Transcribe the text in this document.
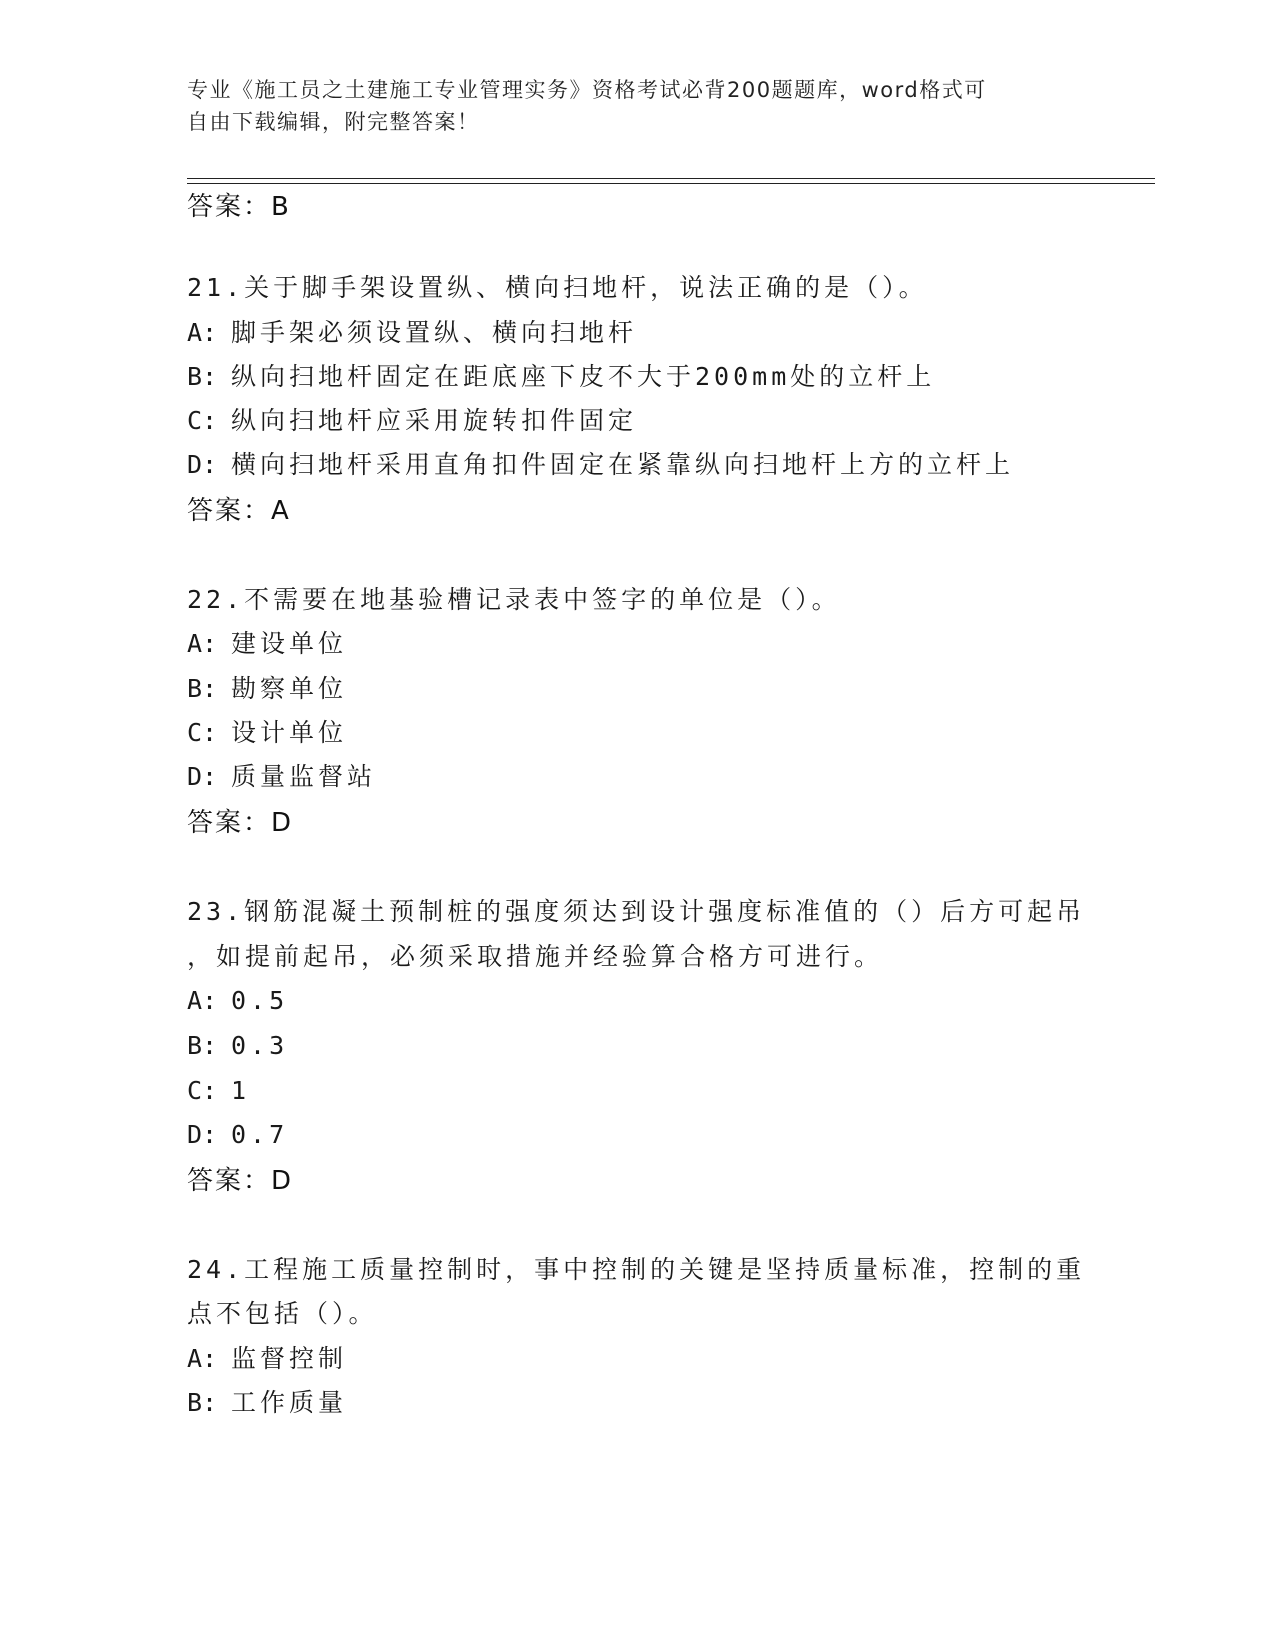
专业《施工员之土建施工专业管理实务》资格考试必背200题题库，word格式可
自由下载编辑，附完整答案！
答案：B
21.关于脚手架设置纵、横向扫地杆，说法正确的是（）。
A: 脚手架必须设置纵、横向扫地杆
B: 纵向扫地杆固定在距底座下皮不大于200mm处的立杆上
C: 纵向扫地杆应采用旋转扣件固定
D: 横向扫地杆采用直角扣件固定在紧靠纵向扫地杆上方的立杆上
答案：A
22.不需要在地基验槽记录表中签字的单位是（）。
A: 建设单位
B: 勘察单位
C: 设计单位
D: 质量监督站
答案：D
23.钢筋混凝土预制桩的强度须达到设计强度标准值的（）后方可起吊
，如提前起吊，必须采取措施并经验算合格方可进行。
A: 0.5
B: 0.3
C: 1
D: 0.7
答案：D
24.工程施工质量控制时，事中控制的关键是坚持质量标准，控制的重
点不包括（）。
A: 监督控制
B: 工作质量
